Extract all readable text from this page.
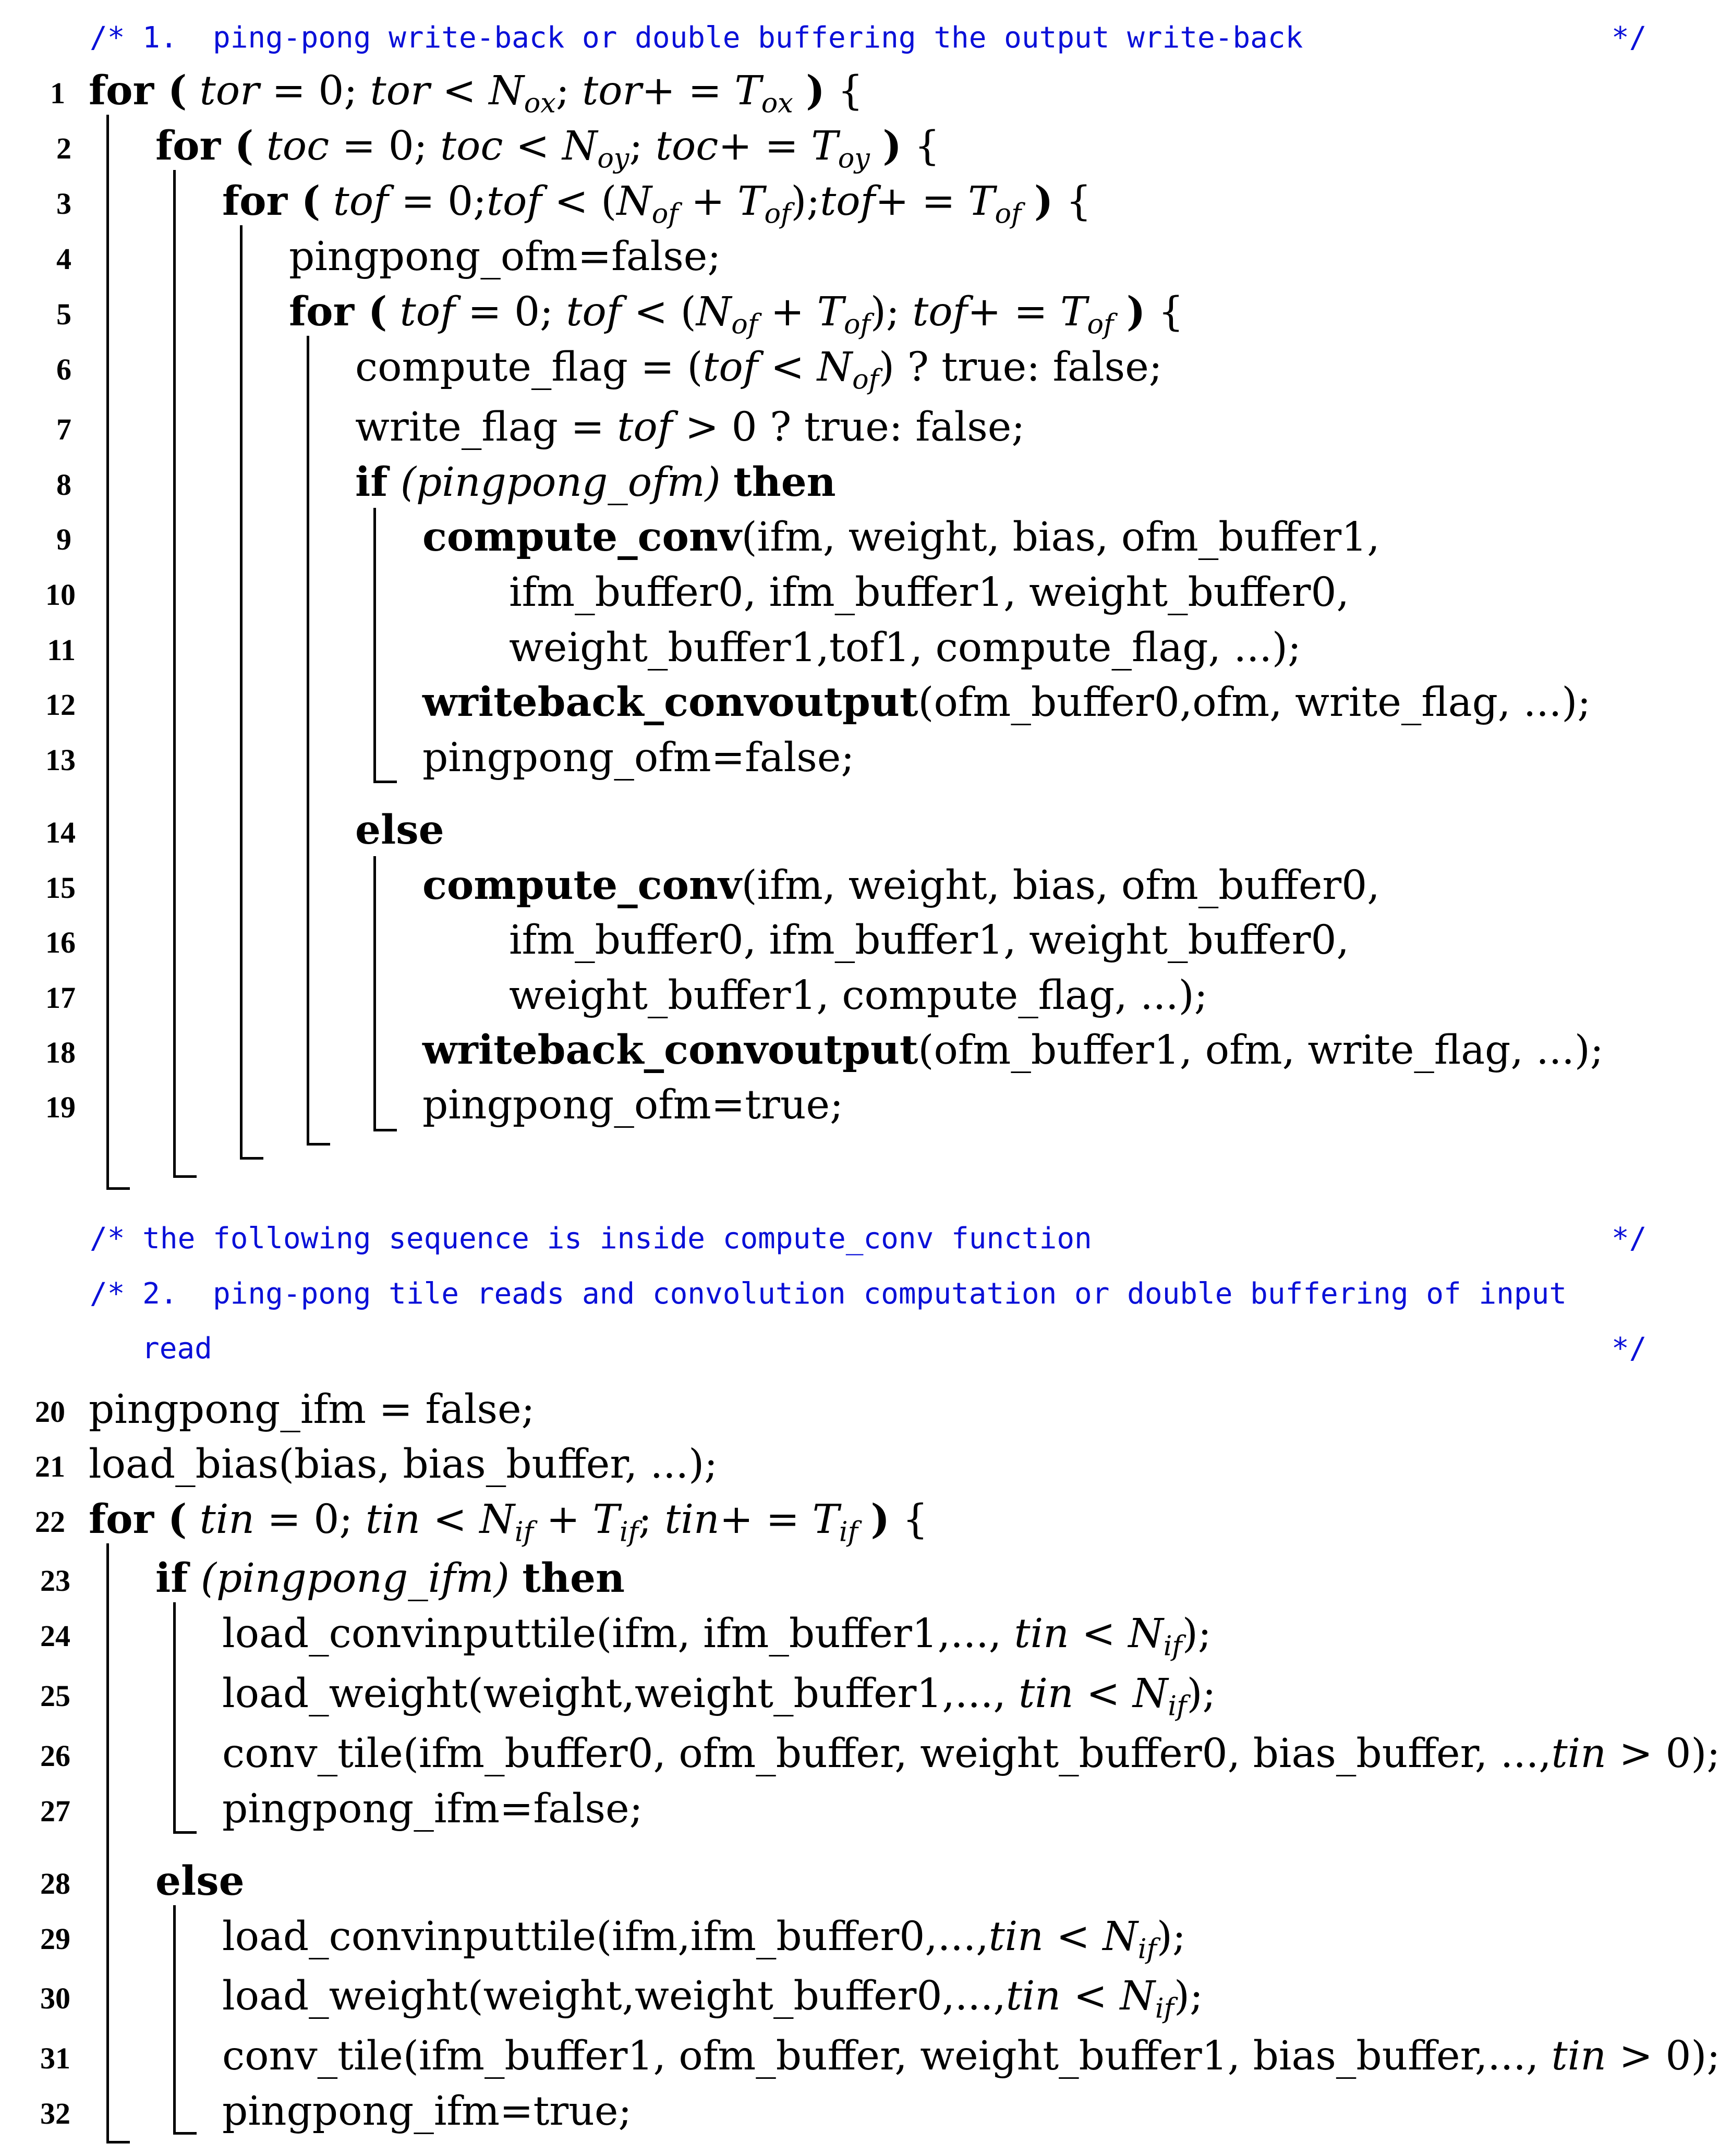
/* 1.  ping-pong write-back or double buffering the output write-back	*/
1
2
3
4
5
6
7
8
9
10
11
12
13
14
15
16
17
18
19
for ( tor = 0; tor < $N_{ox}$; $tor+ = T_{ox}$ ) {
for ( toc = 0; toc < $N_{oy}$; $toc+ = T_{oy}$ ) {
for ( tof = 0;tof < ($N_{of}$ + $T_{of});tof+ = T_{of}$ ) {
pingpong_ofm=false;
for ( tof = 0; tof < $(N_{of} + T_{of})$; $tof+ = T_{of}$ ) {
compute_flag = $(tof < N_{of})$ ? true: false;
write_flag = tof > 0 ? true: false;
if (pingpong_ofm) then
compute_conv(ifm, weight, bias, ofm_buffer1,
ifm_buffer0, ifm_buffer1, weight_buffer0,
weight_buffer1,tof1, compute_flag, ...);
writeback_convoutput(ofm_buffer0,ofm, write_flag, ...);
pingpong_ofm=false;
else
compute_conv(ifm, weight, bias, ofm_buffer0,
ifm_buffer0, ifm_buffer1, weight_buffer0,
weight_buffer1, compute_flag, ...);
writeback_convoutput(ofm_buffer1, ofm, write_flag, ...);
pingpong_ofm=true;
/* the following sequence is inside compute_conv function	*/
/* 2.  ping-pong tile reads and convolution computation or double buffering of input
read	*/
20
21
22
23
24
25
26
27
28
29
30
31
32
pingpong_ifm = false;
load_bias(bias, bias_buffer, ...);
for ( tin = 0; tin < $N_{if} + T_{if}$; $tin+ = T_{if}$ ) {
if (pingpong_ifm) then
load_convinputtile(ifm, ifm_buffer1,..., tin < $N_{if}$);
load_weight(weight,weight_buffer1,..., tin < $N_{if}$);
conv_tile(ifm_buffer0, ofm_buffer, weight_buffer0, bias_buffer, ...,tin > 0);
pingpong_ifm=false;
else
load_convinputtile(ifm,ifm_buffer0,...,tin < $N_{if}$);
load_weight(weight,weight_buffer0,...,tin < $N_{if}$);
conv_tile(ifm_buffer1, ofm_buffer, weight_buffer1, bias_buffer,..., tin > 0);
pingpong_ifm=true;
